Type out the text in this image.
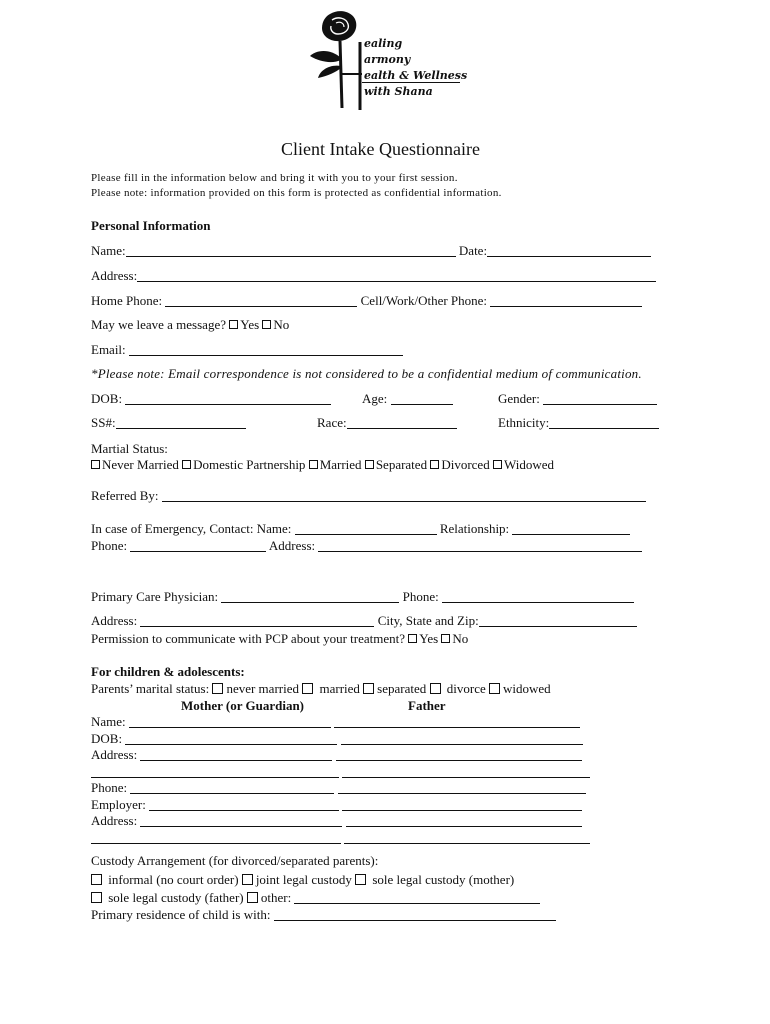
ealing
armony
ealth & Wellness
with Shana
Client Intake Questionnaire
Please fill in the information below and bring it with you to your first session.
Please note: information provided on this form is protected as confidential information.
Personal Information
Name:	Date:
Address:
Home Phone:	Cell/Work/Other Phone:
May we leave a message? Yes No
Email:
*Please note: Email correspondence is not considered to be a confidential medium of communication.
DOB:	Age:	Gender:
SS#:	Race:	Ethnicity:
Martial Status:
Never Married Domestic Partnership Married Separated Divorced Widowed
Referred By:
In case of Emergency, Contact: Name:	Relationship:
Phone:	Address:
Primary Care Physician:	Phone:
Address:	City, State and Zip:
Permission to communicate with PCP about your treatment? Yes No
For children & adolescents:
Parents’ marital status: never married married separated divorce widowed
Mother (or Guardian)	Father
Name:
DOB:
Address:

Phone:
Employer:
Address:

Custody Arrangement (for divorced/separated parents):
informal (no court order) joint legal custody sole legal custody (mother)
sole legal custody (father) other:
Primary residence of child is with:
